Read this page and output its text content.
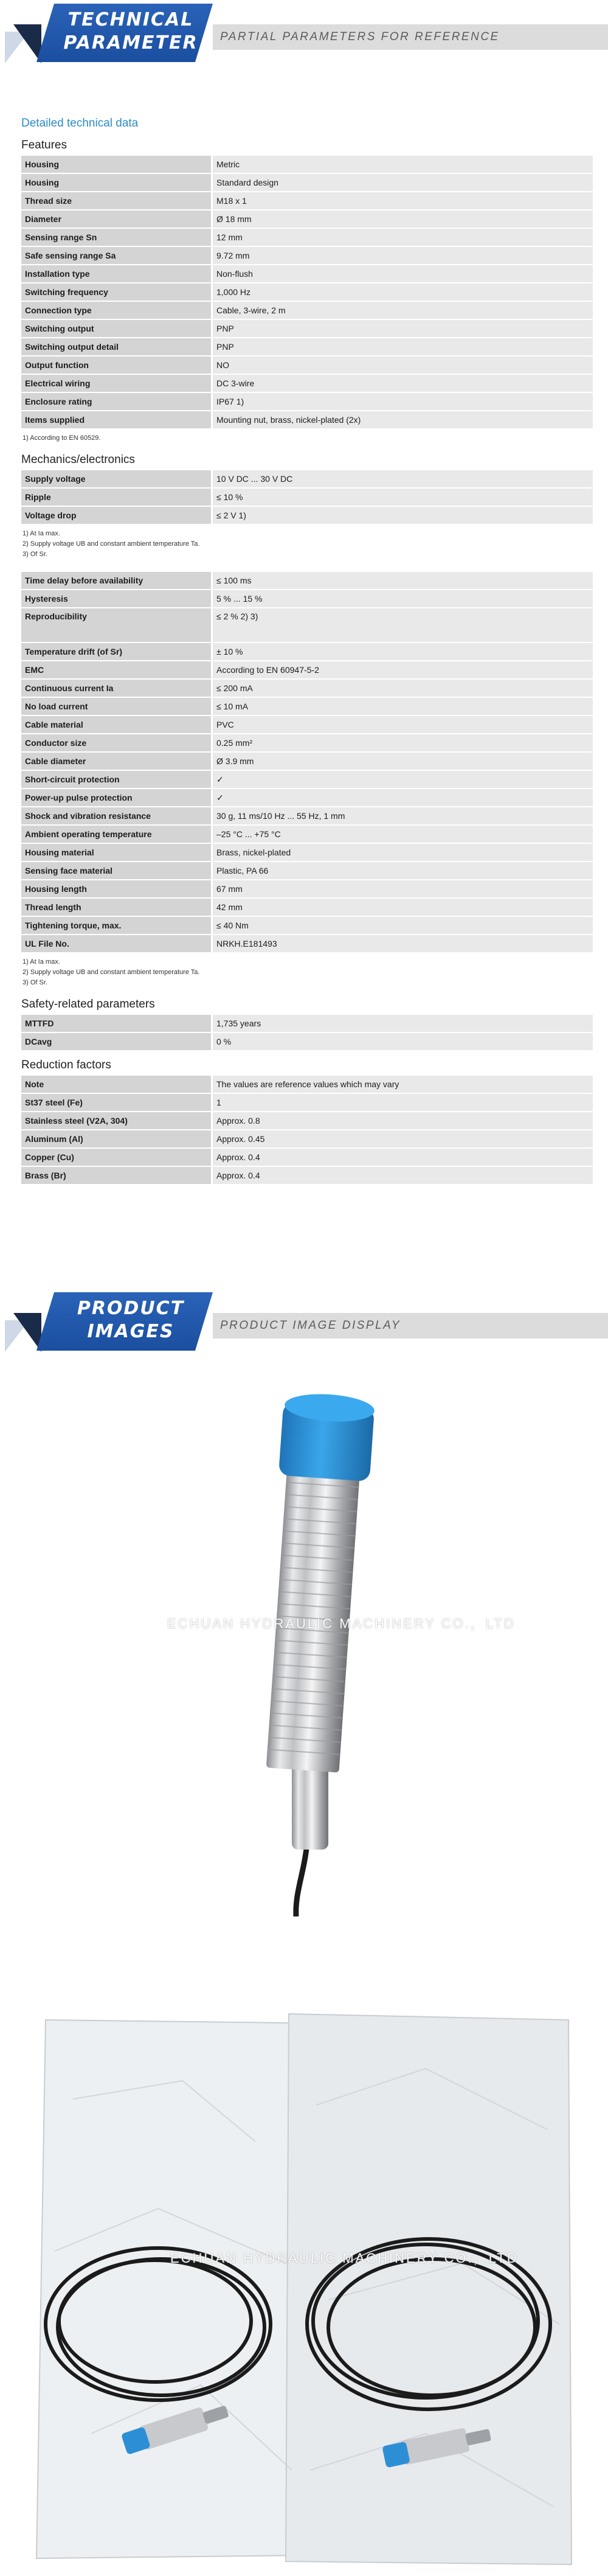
TECHNICAL
PARAMETER	PARTIAL PARAMETERS FOR REFERENCE
Detailed technical data
Features
Housing	Metric
Housing	Standard design
Thread size	M18 x 1
Diameter	Ø 18 mm
Sensing range Sn	12 mm
Safe sensing range Sa	9.72 mm
Installation type	Non-flush
Switching frequency	1,000 Hz
Connection type	Cable, 3-wire, 2 m
Switching output	PNP
Switching output detail	PNP
Output function	NO
Electrical wiring	DC 3-wire
Enclosure rating	IP67 1)
Items supplied	Mounting nut, brass, nickel-plated (2x)
1) According to EN 60529.
Mechanics/electronics
Supply voltage	10 V DC ... 30 V DC
Ripple	≤ 10 %
Voltage drop	≤ 2 V 1)
1) At Ia max.
2) Supply voltage UB and constant ambient temperature Ta.
3) Of Sr.
Time delay before availability	≤ 100 ms
Hysteresis	5 % ... 15 %
Reproducibility	≤ 2 % 2) 3)
Temperature drift (of Sr)	± 10 %
EMC	According to EN 60947-5-2
Continuous current Ia	≤ 200 mA
No load current	≤ 10 mA
Cable material	PVC
Conductor size	0.25 mm²
Cable diameter	Ø 3.9 mm
Short-circuit protection	✓
Power-up pulse protection	✓
Shock and vibration resistance	30 g, 11 ms/10 Hz ... 55 Hz, 1 mm
Ambient operating temperature	–25 °C ... +75 °C
Housing material	Brass, nickel-plated
Sensing face material	Plastic, PA 66
Housing length	67 mm
Thread length	42 mm
Tightening torque, max.	≤ 40 Nm
UL File No.	NRKH.E181493
1) At Ia max.
2) Supply voltage UB and constant ambient temperature Ta.
3) Of Sr.
Safety-related parameters
MTTFD	1,735 years
DCavg	0 %
Reduction factors
Note	The values are reference values which may vary
St37 steel (Fe)	1
Stainless steel (V2A, 304)	Approx. 0.8
Aluminum (Al)	Approx. 0.45
Copper (Cu)	Approx. 0.4
Brass (Br)	Approx. 0.4
PRODUCT
IMAGES	PRODUCT IMAGE DISPLAY
ECHUAN HYDRAULIC MACHINERY CO.，LTD
ECHUAN HYDRAULIC MACHINERY CO.，LTD
